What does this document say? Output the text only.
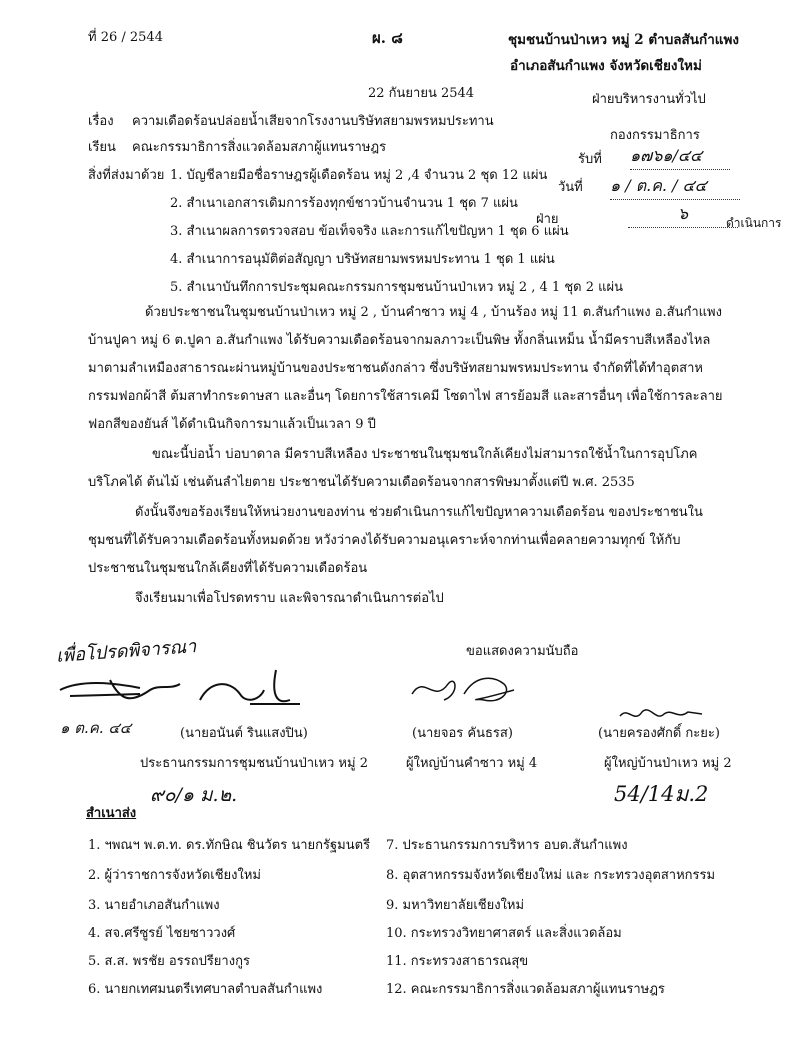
ที่ 26 / 2544	ผ. ๘	ชุมชนบ้านป่าเหว หมู่ 2 ตำบลสันกำแพง
อำเภอสันกำแพง จังหวัดเชียงใหม่
22 กันยายน 2544	ฝ่ายบริหารงานทั่วไป
กองกรรมาธิการ
รับที่ ๑๗๖๑/๔๔
วันที่ ๑ / ต.ค. / ๔๔
ฝ่าย	๖	ดำเนินการ
เรื่อง ความเดือดร้อนปล่อยน้ำเสียจากโรงงานบริษัทสยามพรหมประทาน
เรียน คณะกรรมาธิการสิ่งแวดล้อมสภาผู้แทนราษฎร
สิ่งที่ส่งมาด้วย 1. บัญชีลายมือชื่อราษฎรผู้เดือดร้อน หมู่ 2 ,4 จำนวน 2 ชุด 12 แผ่น
2. สำเนาเอกสารเดิมการร้องทุกข์ชาวบ้านจำนวน 1 ชุด 7 แผ่น
3. สำเนาผลการตรวจสอบ ข้อเท็จจริง และการแก้ไขปัญหา 1 ชุด 6 แผ่น
4. สำเนาการอนุมัติต่อสัญญา บริษัทสยามพรหมประทาน 1 ชุด 1 แผ่น
5. สำเนาบันทึกการประชุมคณะกรรมการชุมชนบ้านป่าเหว หมู่ 2 , 4 1 ชุด 2 แผ่น
ด้วยประชาชนในชุมชนบ้านป่าเหว หมู่ 2 , บ้านคำซาว หมู่ 4 , บ้านร้อง หมู่ 11 ต.สันกำแพง อ.สันกำแพง
บ้านปูคา หมู่ 6 ต.ปูคา อ.สันกำแพง ได้รับความเดือดร้อนจากมลภาวะเป็นพิษ ทั้งกลิ่นเหม็น น้ำมีคราบสีเหลืองไหล
มาตามลำเหมืองสาธารณะผ่านหมู่บ้านของประชาชนดังกล่าว ซึ่งบริษัทสยามพรหมประทาน จำกัดที่ได้ทำอุตสาห
กรรมฟอกผ้าสี ต้มสาทำกระดาษสา และอื่นๆ โดยการใช้สารเคมี โซดาไฟ สารย้อมสี และสารอื่นๆ เพื่อใช้การละลาย
ฟอกสีของยันส์ ได้ดำเนินกิจการมาแล้วเป็นเวลา 9 ปี
ขณะนี้บ่อน้ำ บ่อบาดาล มีคราบสีเหลือง ประชาชนในชุมชนใกล้เคียงไม่สามารถใช้น้ำในการอุปโภค
บริโภคได้ ต้นไม้ เช่นต้นลำไยตาย ประชาชนได้รับความเดือดร้อนจากสารพิษมาตั้งแต่ปี พ.ศ. 2535
ดังนั้นจึงขอร้องเรียนให้หน่วยงานของท่าน ช่วยดำเนินการแก้ไขปัญหาความเดือดร้อน ของประชาชนใน
ชุมชนที่ได้รับความเดือดร้อนทั้งหมดด้วย หวังว่าคงได้รับความอนุเคราะห์จากท่านเพื่อคลายความทุกข์ ให้กับ
ประชาชนในชุมชนใกล้เคียงที่ได้รับความเดือดร้อน
จึงเรียนมาเพื่อโปรดทราบ และพิจารณาดำเนินการต่อไป
ขอแสดงความนับถือ
เพื่อโปรดพิจารณา
๑ ต.ค. ๔๔
๙๐/๑ ม.๒.	54/14ม.2
(นายอนันต์ รินแสงปิน)
ประธานกรรมการชุมชนบ้านป่าเหว หมู่ 2
(นายจอร คันธรส)
ผู้ใหญ่บ้านคำซาว หมู่ 4
(นายครองศักดิ์ กะยะ)
ผู้ใหญ่บ้านป่าเหว หมู่ 2
สำเนาส่ง
1. ฯพณฯ พ.ต.ท. ดร.ทักษิณ ชินวัตร นายกรัฐมนตรี
2. ผู้ว่าราชการจังหวัดเชียงใหม่
3. นายอำเภอสันกำแพง
4. สจ.ศรีซูรย์ ไชยซาววงศ์
5. ส.ส. พรชัย อรรถปรียางกูร
6. นายกเทศมนตรีเทศบาลตำบลสันกำแพง
7. ประธานกรรมการบริหาร อบต.สันกำแพง
8. อุตสาหกรรมจังหวัดเชียงใหม่ และ กระทรวงอุตสาหกรรม
9. มหาวิทยาลัยเชียงใหม่
10. กระทรวงวิทยาศาสตร์ และสิ่งแวดล้อม
11. กระทรวงสาธารณสุข
12. คณะกรรมาธิการสิ่งแวดล้อมสภาผู้แทนราษฎร
